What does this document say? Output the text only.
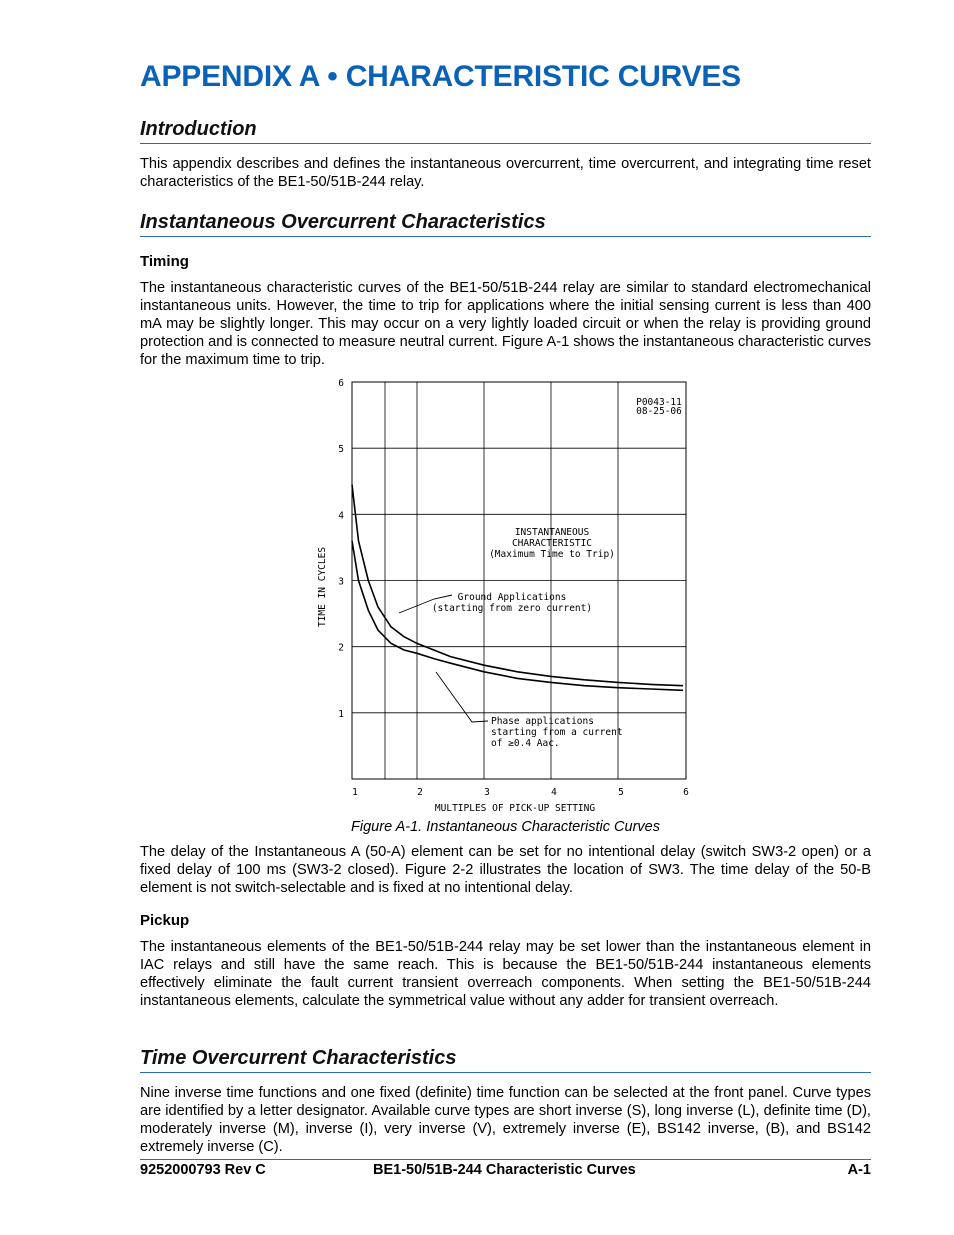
APPENDIX A • CHARACTERISTIC CURVES
Introduction

This appendix describes and defines the instantaneous overcurrent, time overcurrent, and integrating time reset characteristics of the BE1-50/51B-244 relay.

Instantaneous Overcurrent Characteristics
Timing

The instantaneous characteristic curves of the BE1-50/51B-244 relay are similar to standard electromechanical instantaneous units. However, the time to trip for applications where the initial sensing current is less than 400 mA may be slightly longer. This may occur on a very lightly loaded circuit or when the relay is providing ground protection and is connected to measure neutral current. Figure A-1 shows the instantaneous characteristic curves for the maximum time to trip.

1	2	3	4	5	6
1
2
3
4
5
6
MULTIPLES OF PICK-UP SETTING
TIME IN CYCLES
INSTANTANEOUS
CHARACTERISTIC
(Maximum Time to Trip)
P0043-11
08-25-06
Ground Applications
(starting from zero current)
Phase applications
starting from a current
of ≥0.4 Aac.
Figure A-1. Instantaneous Characteristic Curves

The delay of the Instantaneous A (50-A) element can be set for no intentional delay (switch SW3-2 open) or a fixed delay of 100 ms (SW3-2 closed). Figure 2-2 illustrates the location of SW3. The time delay of the 50-B element is not switch-selectable and is fixed at no intentional delay.

Pickup

The instantaneous elements of the BE1-50/51B-244 relay may be set lower than the instantaneous element in IAC relays and still have the same reach. This is because the BE1-50/51B-244 instantaneous elements effectively eliminate the fault current transient overreach components. When setting the BE1-50/51B-244 instantaneous elements, calculate the symmetrical value without any adder for transient overreach.

Time Overcurrent Characteristics

Nine inverse time functions and one fixed (definite) time function can be selected at the front panel. Curve types are identified by a letter designator. Available curve types are short inverse (S), long inverse (L), definite time (D), moderately inverse (M), inverse (I), very inverse (V), extremely inverse (E), BS142 inverse, (B), and BS142 extremely inverse (C).

9252000793 Rev C	BE1-50/51B-244 Characteristic Curves	A-1
